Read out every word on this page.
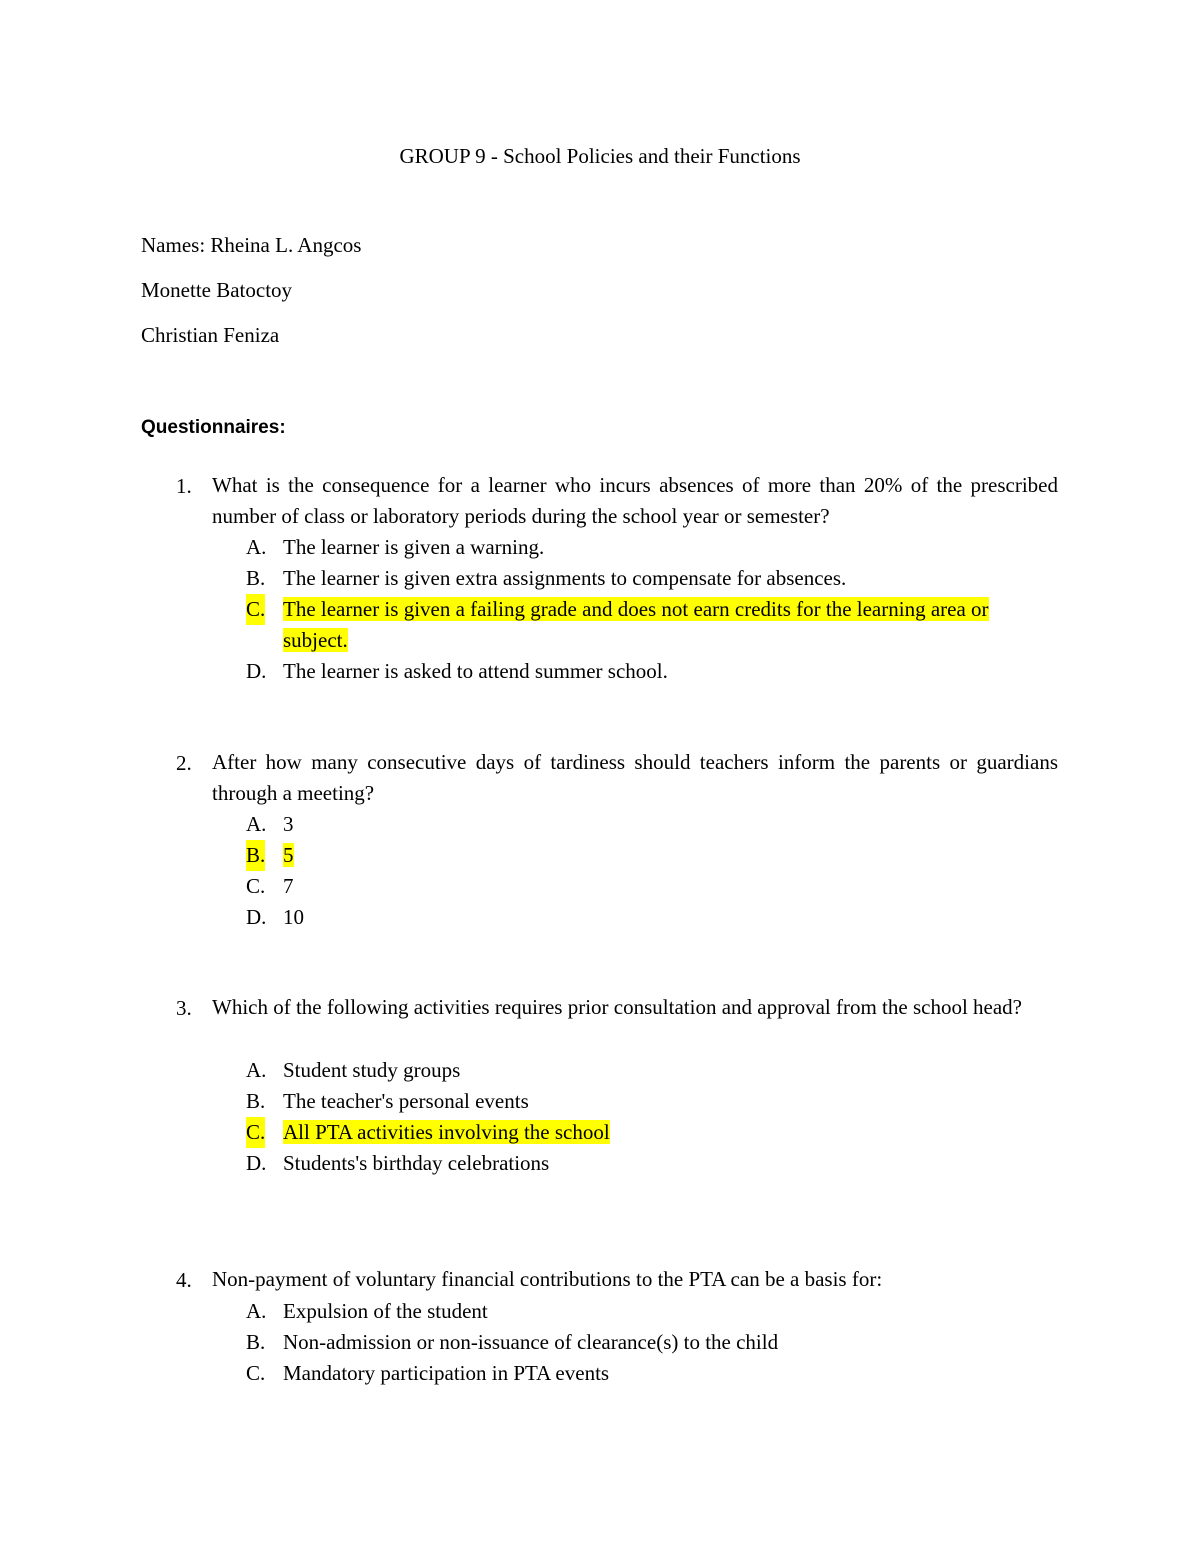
GROUP 9 - School Policies and their Functions
Names: Rheina L. Angcos
Monette Batoctoy
Christian Feniza
Questionnaires:
1. What is the consequence for a learner who incurs absences of more than 20% of the prescribed number of class or laboratory periods during the school year or semester?
A. The learner is given a warning.
B. The learner is given extra assignments to compensate for absences.
C. The learner is given a failing grade and does not earn credits for the learning area or subject.
D. The learner is asked to attend summer school.
2. After how many consecutive days of tardiness should teachers inform the parents or guardians through a meeting?
A. 3
B. 5
C. 7
D. 10
3. Which of the following activities requires prior consultation and approval from the school head?
A. Student study groups
B. The teacher's personal events
C. All PTA activities involving the school
D. Students's birthday celebrations
4. Non-payment of voluntary financial contributions to the PTA can be a basis for:
A. Expulsion of the student
B. Non-admission or non-issuance of clearance(s) to the child
C. Mandatory participation in PTA events
